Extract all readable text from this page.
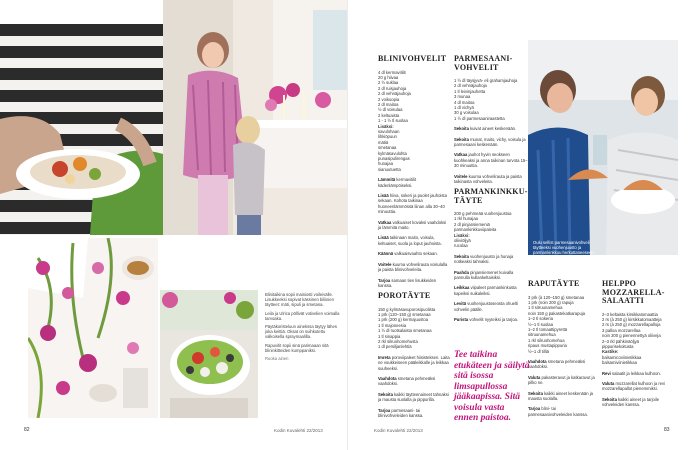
Blinitaikina sopii mainiosti voileivälle. Lisukkeeksi sopivat kässinen biliinien täytteet: mäti, sipuli ja smetana.

Leila ja Ulrica pöllivät votivelien voimalla tarvoaka.

Päytäkoristeluun ainekssa täytyy lähes joka keittiä. Oksat on suihkutettu valkoisella spraymaalilla.

Rapuvitit sopii sinä parimaaan sitä blininkitteiden kumppaniksi.

Ruoka ainen

82	Kodin Kuvalehti 22/2013
BLINIVOHVELIT
4 dl kermavitilit
20 g hiivaa
2 ½ suklaa
2 dl ruisjauhoja
2 dl vehnäjauhoja
2 voikuopia
2 dl maitoa
½ dl voisulaa
2 keltuaista
1 - 1 ½ tl suolaa
Lisäksi:
savulohaan
lihkiöpuun
mätiä
smetanaa
kylmäsavulohta
punasipulirengas
hunajaa
sianuutuetta
Lämmitä kermavitilit kädenlämpöiseksi.
Lisää hiiva, sokeri ja puolet jauhoista sekaan. Kohota taikinaa huoneenlämmössä liinan alla 30–40 minuuttia.
Vatkaa valkuaiset kovaksi vaahdoksi ja lämmitä maito.
Lisää taikinaan maito, voisula, keltuaiset, suola ja loput jauhoista.
Käännä valkuaisvaahto sekaan.
Voitele kuuma vohvelirauta voisulalla ja paista blinivohveleita.
Tarjoa samaan tien lisukkeiden kanssa.
POROTÄYTE
150 g kylmäsavuporosipuolista
1 prk (120–150 g) smetanaa
1 prk (200 g) kermajuustoa
1 tl majoneesia
1 ½ dl ruotsalaista smetanaa
1 tl sinappia
2 rkl silruohomehusta
1 dl persiljanlehtiä
Imreta poroviipaleet hiisisteksen. Laita ne voukkeiseen pääleikkalle ja leikkaa suuheeksi.
Vaahdota smetana pehmeäksi vaahdoksi.
Sekoita kaikki täytteenaineet tahnaksi ja mausta suolalla ja pippurilla.
Tarjoa parmesaani- tai blinivohveleiden kanssa.
PARMESAANI-VOHVELIT
1 ½ dl täysjyvä- eli grahamjauhoja
2 dl vehnäjauhoja
1 tl leivinjauhetta
3 munaa
4 dl maitoa
1 dl vichyä
30 g voisulaa
1 ½ dl parmesaaniraastetta
Sekoita kuivat aineet keskenään.
Sekoita munat, maito, vichy, voisula ja parmesaani keskenään.
Vatkaa jauhot hyvin seokseen kuohkeaksi ja anna taikinan turvota 15–30 minuuttia.
Voitele kuuma vohvelirauta ja paista taikinasta vohveleita.
PARMANKINKKU-TÄYTE
200 g pehmeää vuohenjuustoa
1 rkl hunajaa
2 dl pinjansiemeniä
parmankinkkuviipaleita
Lisäksi:
oliiviöljyä
rucolaa
Sekoita vuohenjuusto ja hunaja notkeaksi tahnaksi.
Paahda pinjansiemenet kuivalla pannulla kullankeltaisiksi.
Leikkaa viipaleet parmankinkusta kapeiksi suikaleiksi.
Levitä vuohenjuustoseosta ohuelti vohvelin päälle.
Purista vohvelit nyyteiksi ja tarjoa.
Tee taikina etukäteen ja säilytä sitä isossa limsapullossa jääkaapissa. Sitä voisula vasta ennen paistoa.
Oulu sellist parmesaanivohveli täytteeksi vuohenjuusto ja parmankinkkuu herkuttaneeseen.
RAPUTÄYTE
3 prk (à 120–150 g) smetanaa
1 prk (noin 200 g) rapuja
1 tl sitruunamehua
noin 150 g pakastekatkarapuja
1–2 tl sokeria
½–1 tl suolaa
1–2 tl tomaattipyrettä
sitruunamehua
1 rkl silruohomehua
ripaus mustapippuria
½–1 dl tilliä
Vaahdota smetana pehmeäksi vaahdoksi.
Valuta pakasteravut ja katkaravut ja pilko ne.
Sekoita kaikki aineet keskenään ja mausta suolalla.
Tarjoa blini- tai parmesaanivohveleiden kanssa.
HELPPO MOZZARELLA-SALAATTI
2–3 keltaista kirsikkatomaattia
2 rs (à 250 g) kirsikkatomaatteja
2 rs (à 250 g) mozzarellapalloja
3 palloa mozzarellaa
noin 200 g pienennettyä oliiveja
2–3 rkl pähkinäöljyä
pippurisekoitusta
Kastike:
balsamicoviinietikkaa
balsamiviinietikkaa
Revi salaatit ja leikkaa kulhoon.
Valuta mozzarellat kulhoon ja revi mozzarellapallot pienemmiksi.
Sekoita kaikki aineet ja tarjoile vohveleiden kanssa.
Kodin Kuvalehti 22/2013	83
